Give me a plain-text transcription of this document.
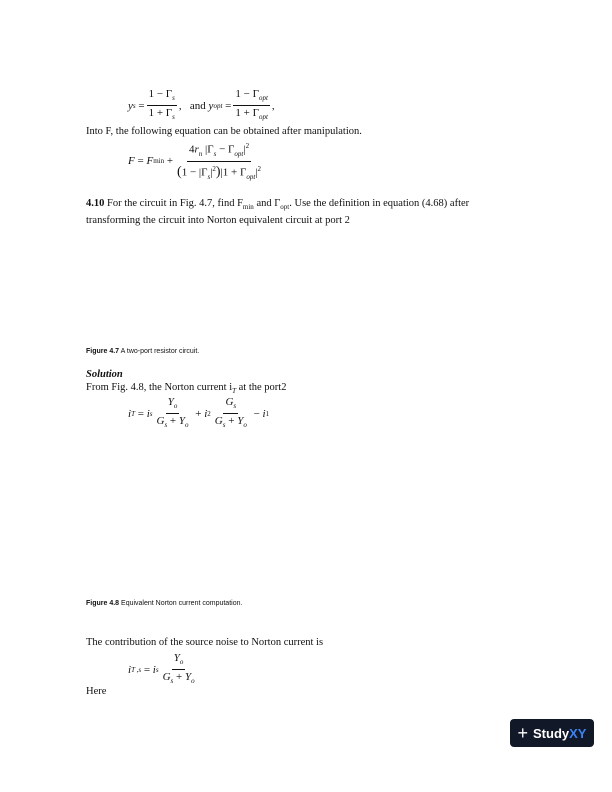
y $s = \frac{1 - \Gamma_s}{1 + \Gamma_s}$ , and
y opt = $\frac{1 - \Gamma_{opt}}{1 + \Gamma_{opt}}$ ,
Into F, the following equation can be obtained after manipulation.
F = F $\min + \frac{4r_n |\Gamma_s - \Gamma_{opt}|^2}{(1 - |\Gamma_s|^2)|1 + \Gamma_{opt}|^2}$
4.10 For the circuit in Fig. 4.7, find $F_{min}$ and $\Gamma_{opt}$. Use the definition in equation (4.68) after
transforming the circuit into Norton equivalent circuit at port 2
Figure 4.7 A two-port resistor circuit.
Solution
From Fig. 4.8, the Norton current $i_T$ at the port2
i T = i s $\frac{Y_o}{G_s + Y_o} + i$ $2 \frac{G_s}{G_s + Y_o} - i$ 1
Figure 4.8 Equivalent Norton current computation.
The contribution of the source noise to Norton current is
i T ,s = i s $\frac{Y_o}{G_s + Y_o}$
Here
+ Study XY
